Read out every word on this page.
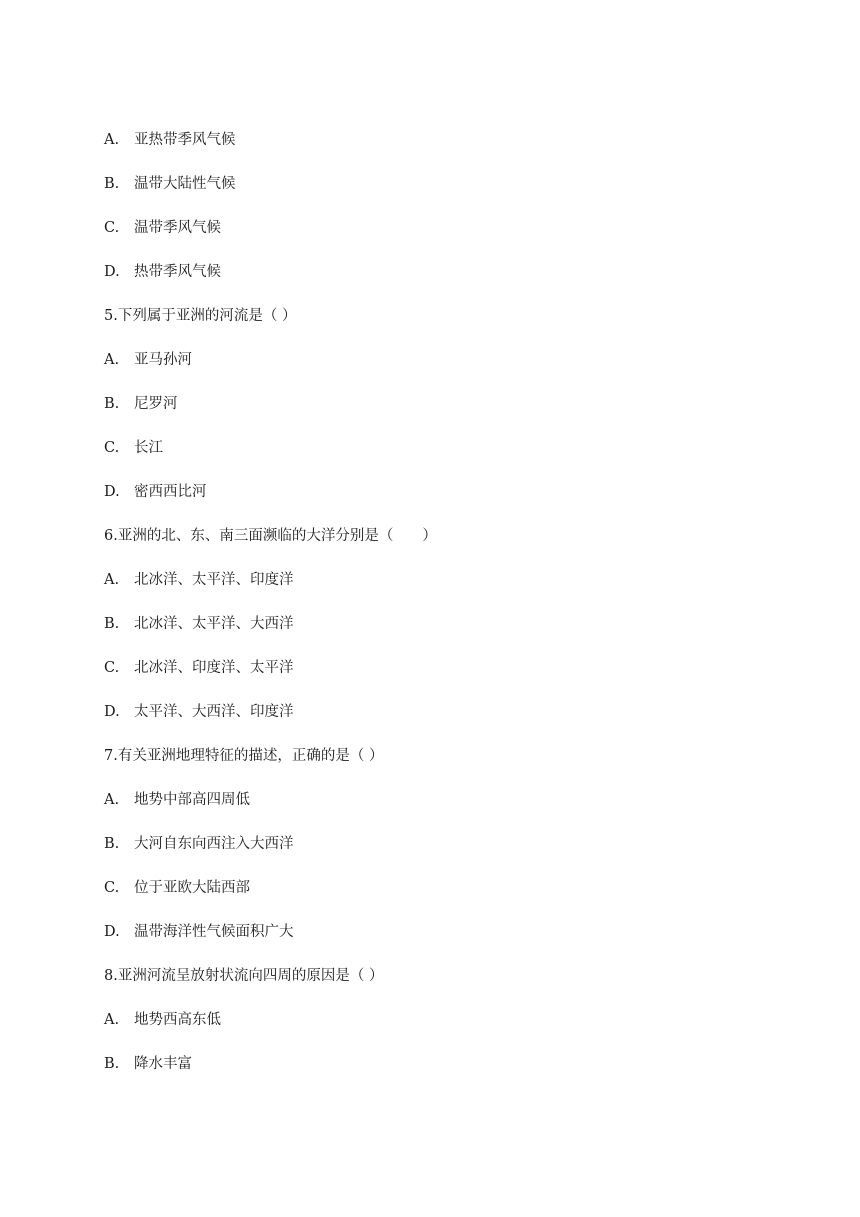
A. 亚热带季风气候
B. 温带大陆性气候
C. 温带季风气候
D. 热带季风气候
5.下列属于亚洲的河流是（ ）
A. 亚马孙河
B. 尼罗河
C. 长江
D. 密西西比河
6.亚洲的北、东、南三面濒临的大洋分别是（　　）
A. 北冰洋、太平洋、印度洋
B. 北冰洋、太平洋、大西洋
C. 北冰洋、印度洋、太平洋
D. 太平洋、大西洋、印度洋
7.有关亚洲地理特征的描述，正确的是（ ）
A. 地势中部高四周低
B. 大河自东向西注入大西洋
C. 位于亚欧大陆西部
D. 温带海洋性气候面积广大
8.亚洲河流呈放射状流向四周的原因是（ ）
A. 地势西高东低
B. 降水丰富
